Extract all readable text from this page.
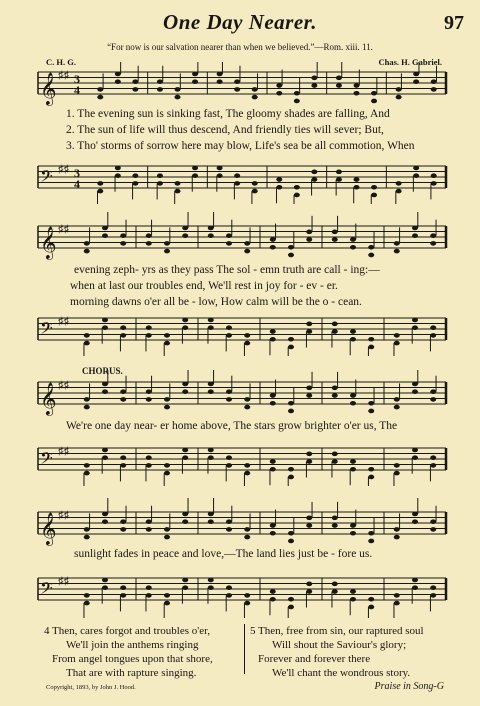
One Day Nearer.	97
“For now is our salvation nearer than when we believed.”—Rom. xiii. 11.
C. H. G.	Chas. H. Gabriel.
𝄞 ♯♯ 3
4
1. The evening sun is sinking fast, The gloomy shades are falling, And
2. The sun of life will thus descend, And friendly ties will sever; But,
3. Tho' storms of sorrow here may blow, Life's sea be all commotion, When
𝄢 ♯♯ 3
4
𝄞 ♯♯
evening zeph- yrs as they pass The sol - emn truth are call - ing:—
when at last our troubles end, We'll rest in joy for - ev - er.
morning dawns o'er all be - low, How calm will be the o - cean.
𝄢 ♯♯
CHORUS.
𝄞 ♯♯
We're one day near- er home above, The stars grow brighter o'er us, The
𝄢 ♯♯
𝄞 ♯♯
sunlight fades in peace and love,—The land lies just be - fore us.
𝄢 ♯♯
4 Then, cares forgot and troubles o'er,
We'll join the anthems ringing
From angel tongues upon that shore,
That are with rapture singing.
5 Then, free from sin, our raptured soul
Will shout the Saviour's glory;
Forever and forever there
We'll chant the wondrous story.
Copyright, 1893, by John J. Hood.	Praise in Song-G
